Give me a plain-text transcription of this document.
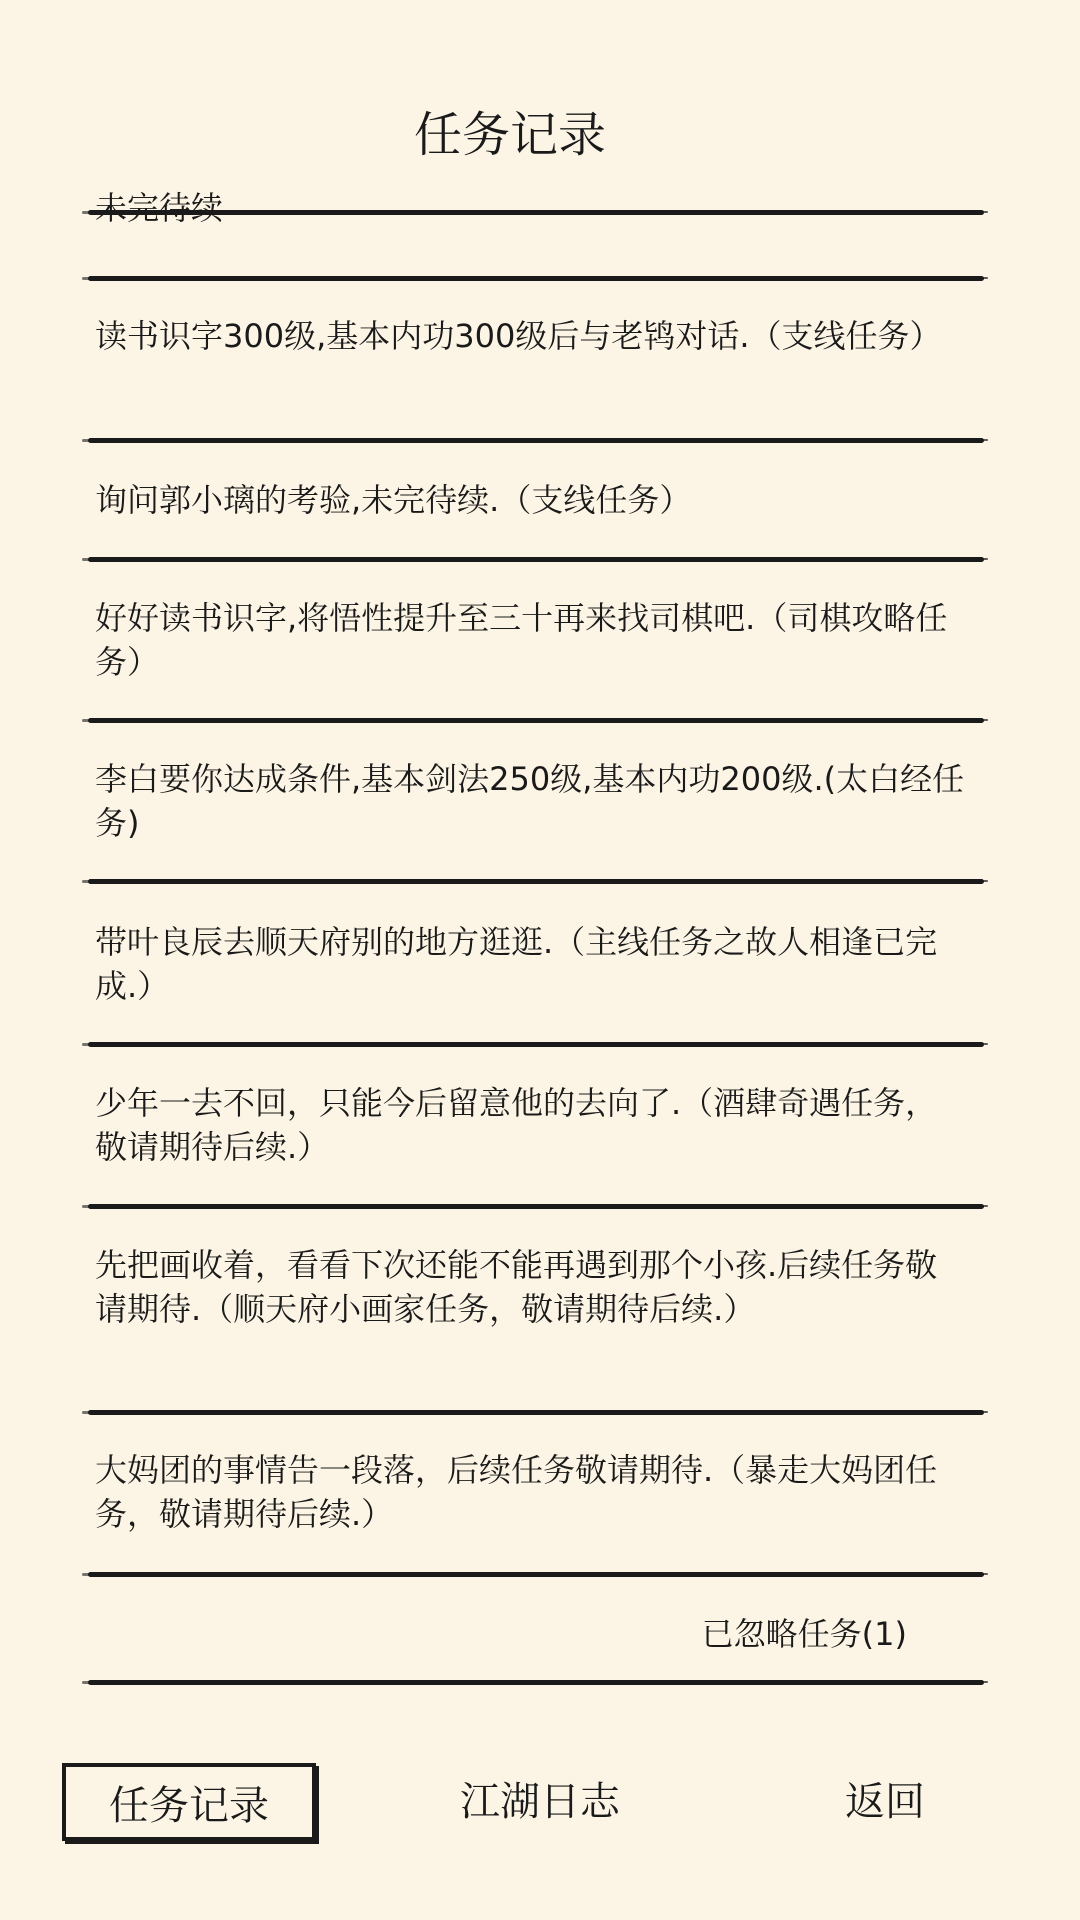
任务记录
未完待续
读书识字300级,基本内功300级后与老鸨对话.（支线任务）
询问郭小璃的考验,未完待续.（支线任务）
好好读书识字,将悟性提升至三十再来找司棋吧.（司棋攻略任务）
李白要你达成条件,基本剑法250级,基本内功200级.(太白经任务)
带叶良辰去顺天府别的地方逛逛.（主线任务之故人相逢已完成.）
少年一去不回，只能今后留意他的去向了.（酒肆奇遇任务，敬请期待后续.）
先把画收着，看看下次还能不能再遇到那个小孩.后续任务敬请期待.（顺天府小画家任务，敬请期待后续.）
大妈团的事情告一段落，后续任务敬请期待.（暴走大妈团任务，敬请期待后续.）
已忽略任务(1)
任务记录	江湖日志	返回
